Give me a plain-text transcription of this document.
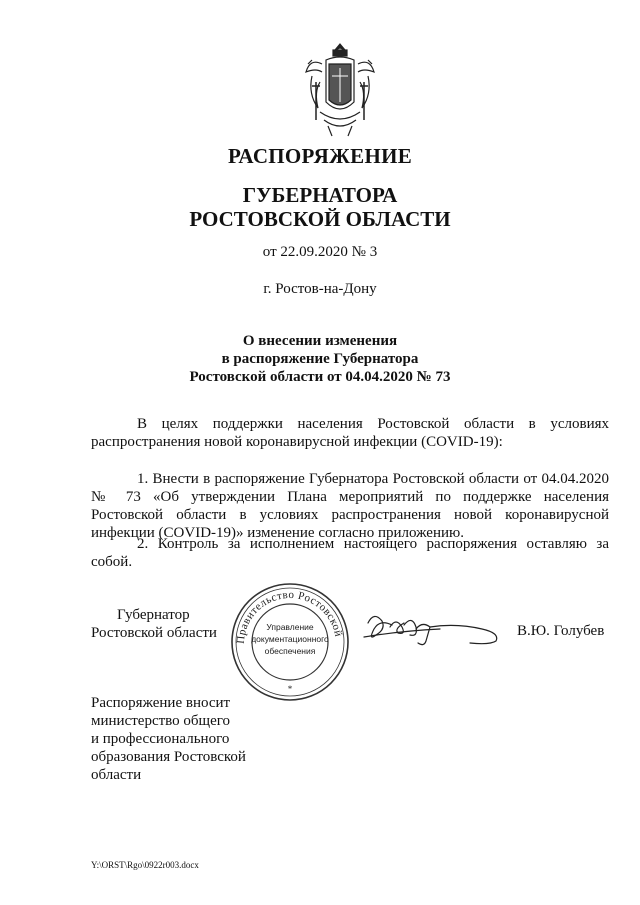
РАСПОРЯЖЕНИЕ
ГУБЕРНАТОРА
РОСТОВСКОЙ ОБЛАСТИ
от 22.09.2020 № 3
г. Ростов-на-Дону
О внесении изменения
в распоряжение Губернатора
Ростовской области от 04.04.2020 № 73
В целях поддержки населения Ростовской области в условиях распространения новой коронавирусной инфекции (COVID-19):
1. Внести в распоряжение Губернатора Ростовской области от 04.04.2020 № 73 «Об утверждении Плана мероприятий по поддержке населения Ростовской области в условиях распространения новой коронавирусной инфекции (COVID-19)» изменение согласно приложению.
2. Контроль за исполнением настоящего распоряжения оставляю за собой.
Губернатор
Ростовской области Правительство Ростовской
*
Управление
документационного
обеспечения
В.Ю. Голубев
Распоряжение вносит
министерство общего
и профессионального
образования Ростовской
области
Y:\ORST\Rgo\0922r003.docx
